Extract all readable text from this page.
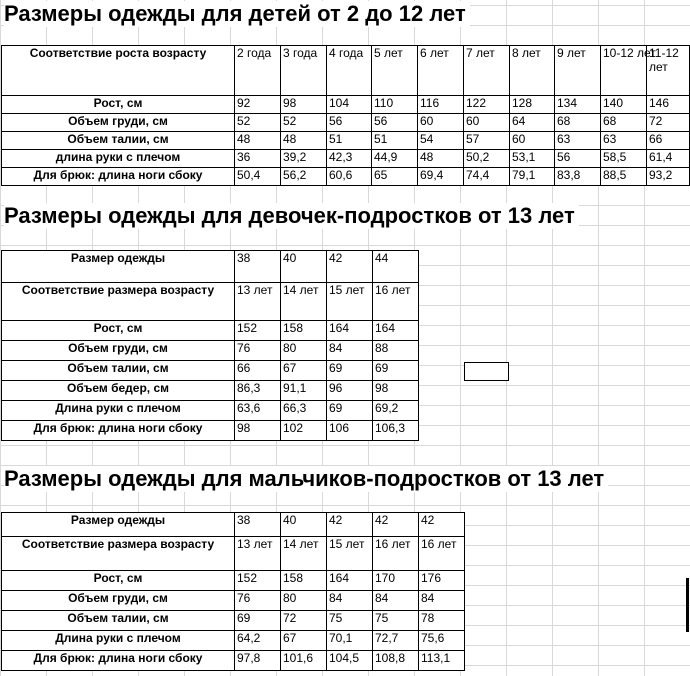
Размеры одежды для детей от 2 до 12 лет
Соответствие роста возрасту	2 года	3 года	4 года	5 лет	6 лет	7 лет	8 лет	9 лет	10-12 лет	11-12 лет
Рост, см	92	98	104	110	116	122	128	134	140	146
Объем груди, см	52	52	56	56	60	60	64	68	68	72
Объем талии, см	48	48	51	51	54	57	60	63	63	66
длина руки с плечом	36	39,2	42,3	44,9	48	50,2	53,1	56	58,5	61,4
Для брюк: длина ноги сбоку	50,4	56,2	60,6	65	69,4	74,4	79,1	83,8	88,5	93,2
Размеры одежды для девочек-подростков от 13 лет
Размер одежды	38	40	42	44
Соответствие размера возрасту	13 лет	14 лет	15 лет	16 лет
Рост, см	152	158	164	164
Объем груди, см	76	80	84	88
Объем талии, см	66	67	69	69
Объем бедер, см	86,3	91,1	96	98
Длина руки с плечом	63,6	66,3	69	69,2
Для брюк: длина ноги сбоку	98	102	106	106,3
Размеры одежды для мальчиков-подростков от 13 лет
Размер одежды	38	40	42	42	42
Соответствие размера возрасту	13 лет	14 лет	15 лет	16 лет	16 лет
Рост, см	152	158	164	170	176
Объем груди, см	76	80	84	84	84
Объем талии, см	69	72	75	75	78
Длина руки с плечом	64,2	67	70,1	72,7	75,6
Для брюк: длина ноги сбоку	97,8	101,6	104,5	108,8	113,1
